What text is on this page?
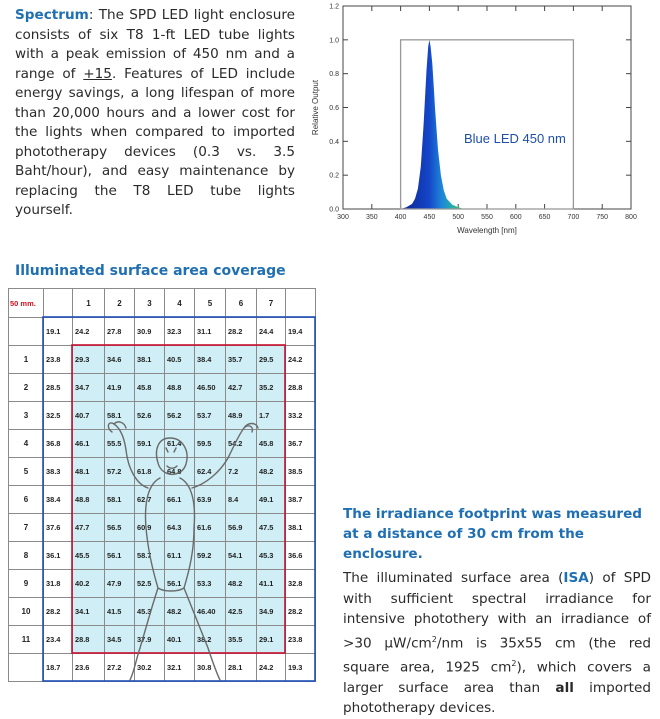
Spectrum: The SPD LED light enclosure consists of six T8 1-ft LED tube lights with a peak emission of 450 nm and a range of +15. Features of LED include energy savings, a long lifespan of more than 20,000 hours and a lower cost for the lights when compared to imported phototherapy devices (0.3 vs. 3.5 Baht/hour), and easy maintenance by replacing the T8 LED tube lights yourself.	300 350 400 450 500 550 600 650 700 750 800
0.0
0.2
0.4
0.6
0.8
1.0
1.2
Blue LED 450 nm
Wavelength [nm]
Relative Output
Illuminated surface area coverage
50 mm.		1	2	3	4	5	6	7	
	19.1	24.2	27.8	30.9	32.3	31.1	28.2	24.4	19.4
1	23.8	29.3	34.6	38.1	40.5	38.4	35.7	29.5	24.2
2	28.5	34.7	41.9	45.8	48.8	46.50	42.7	35.2	28.8
3	32.5	40.7	58.1	52.6	56.2	53.7	48.9	1.7	33.2
4	36.8	46.1	55.5	59.1	61.4	59.5	54.2	45.8	36.7
5	38.3	48.1	57.2	61.8	64.8	62.4	7.2	48.2	38.5
6	38.4	48.8	58.1	62.7	66.1	63.9	8.4	49.1	38.7
7	37.6	47.7	56.5	60.9	64.3	61.6	56.9	47.5	38.1
8	36.1	45.5	56.1	58.7	61.1	59.2	54.1	45.3	36.6
9	31.8	40.2	47.9	52.5	56.1	53.3	48.2	41.1	32.8
10	28.2	34.1	41.5	45.3	48.2	46.40	42.5	34.9	28.2
11	23.4	28.8	34.5	37.9	40.1	38.2	35.5	29.1	23.8
	18.7	23.6	27.2	30.2	32.1	30.8	28.1	24.2	19.3
The irradiance footprint was measured at a distance of 30 cm from the enclosure.
The illuminated surface area (ISA) of SPD with sufficient spectral irradiance for intensive photothery with an irradiance of >30 $\mu W/cm^2/nm$ is 35x55 cm (the red square area, 1925 $cm^2$), which covers a larger surface area than all imported phototherapy devices.
